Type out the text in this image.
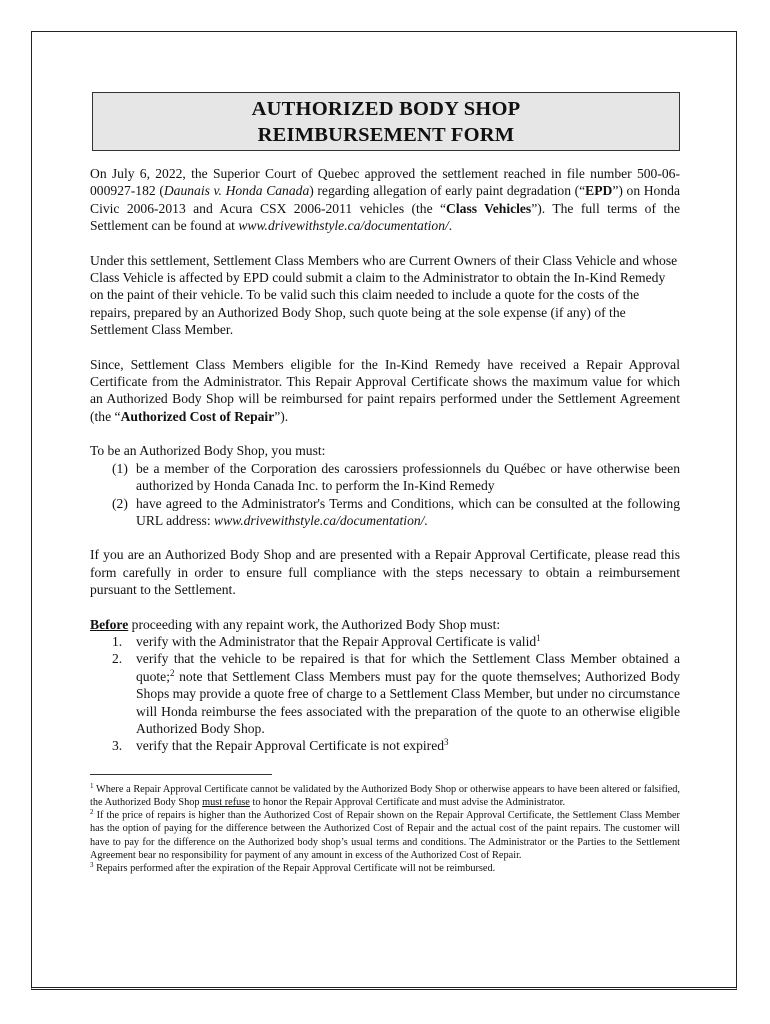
AUTHORIZED BODY SHOP
REIMBURSEMENT FORM

On July 6, 2022, the Superior Court of Quebec approved the settlement reached in file number 500-06-000927-182 (Daunais v. Honda Canada) regarding allegation of early paint degradation (“EPD”) on Honda Civic 2006-2013 and Acura CSX 2006-2011 vehicles (the “Class Vehicles”). The full terms of the Settlement can be found at www.drivewithstyle.ca/documentation/.

Under this settlement, Settlement Class Members who are Current Owners of their Class Vehicle and whose Class Vehicle is affected by EPD could submit a claim to the Administrator to obtain the In-Kind Remedy on the paint of their vehicle. To be valid such this claim needed to include a quote for the costs of the repairs, prepared by an Authorized Body Shop, such quote being at the sole expense (if any) of the Settlement Class Member.

Since, Settlement Class Members eligible for the In-Kind Remedy have received a Repair Approval Certificate from the Administrator. This Repair Approval Certificate shows the maximum value for which an Authorized Body Shop will be reimbursed for paint repairs performed under the Settlement Agreement (the “Authorized Cost of Repair”).

To be an Authorized Body Shop, you must:

(1) be a member of the Corporation des carossiers professionnels du Québec or have otherwise been authorized by Honda Canada Inc. to perform the In-Kind Remedy
(2) have agreed to the Administrator's Terms and Conditions, which can be consulted at the following URL address: www.drivewithstyle.ca/documentation/.

If you are an Authorized Body Shop and are presented with a Repair Approval Certificate, please read this form carefully in order to ensure full compliance with the steps necessary to obtain a reimbursement pursuant to the Settlement.

Before proceeding with any repaint work, the Authorized Body Shop must:

1. verify with the Administrator that the Repair Approval Certificate is valid$^1$
2. verify that the vehicle to be repaired is that for which the Settlement Class Member obtained a quote;$^2$ note that Settlement Class Members must pay for the quote themselves; Authorized Body Shops may provide a quote free of charge to a Settlement Class Member, but under no circumstance will Honda reimburse the fees associated with the preparation of the quote to an otherwise eligible Authorized Body Shop.
3. verify that the Repair Approval Certificate is not expired$^3$

$^1$ Where a Repair Approval Certificate cannot be validated by the Authorized Body Shop or otherwise appears to have been altered or falsified, the Authorized Body Shop must refuse to honor the Repair Approval Certificate and must advise the Administrator.

$^2$ If the price of repairs is higher than the Authorized Cost of Repair shown on the Repair Approval Certificate, the Settlement Class Member has the option of paying for the difference between the Authorized Cost of Repair and the actual cost of the paint repairs. The customer will have to pay for the difference on the Authorized body shop’s usual terms and conditions. The Administrator or the Parties to the Settlement Agreement bear no responsibility for payment of any amount in excess of the Authorized Cost of Repair.

$^3$ Repairs performed after the expiration of the Repair Approval Certificate will not be reimbursed.
